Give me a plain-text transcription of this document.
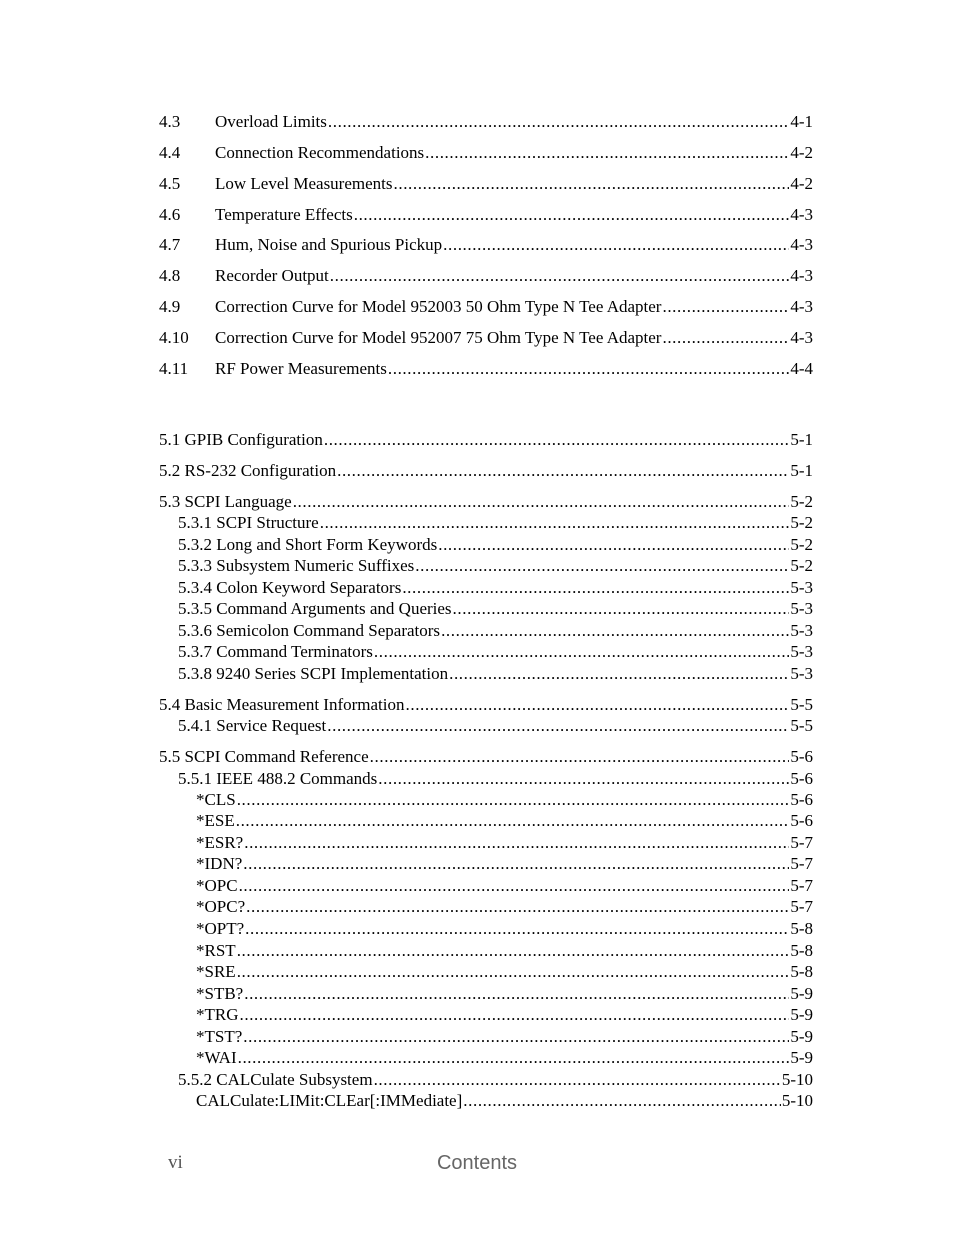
4.3	Overload Limits .....	4-1
4.4	Connection Recommendations .....	4-2
4.5	Low Level Measurements .....	4-2
4.6	Temperature Effects .....	4-3
4.7	Hum, Noise and Spurious Pickup .....	4-3
4.8	Recorder Output .....	4-3
4.9	Correction Curve for Model 952003 50 Ohm Type N Tee Adapter .....	4-3
4.10	Correction Curve for Model 952007 75 Ohm Type N Tee Adapter .....	4-3
4.11	RF Power Measurements .....	4-4
5.1 GPIB Configuration .....	5-1
5.2 RS-232 Configuration .....	5-1
5.3 SCPI Language .....	5-2
5.3.1 SCPI Structure .....	5-2
5.3.2 Long and Short Form Keywords .....	5-2
5.3.3 Subsystem Numeric Suffixes .....	5-2
5.3.4 Colon Keyword Separators .....	5-3
5.3.5 Command Arguments and Queries .....	5-3
5.3.6 Semicolon Command Separators .....	5-3
5.3.7 Command Terminators .....	5-3
5.3.8 9240 Series SCPI Implementation .....	5-3
5.4 Basic Measurement Information .....	5-5
5.4.1 Service Request .....	5-5
5.5 SCPI Command Reference .....	5-6
5.5.1 IEEE 488.2 Commands .....	5-6
*CLS .....	5-6
*ESE .....	5-6
*ESR? .....	5-7
*IDN? .....	5-7
*OPC .....	5-7
*OPC? .....	5-7
*OPT? .....	5-8
*RST .....	5-8
*SRE .....	5-8
*STB? .....	5-9
*TRG .....	5-9
*TST? .....	5-9
*WAI .....	5-9
5.5.2 CALCulate Subsystem .....	5-10
CALCulate:LIMit:CLEar[:IMMediate] .....	5-10
vi	Contents
